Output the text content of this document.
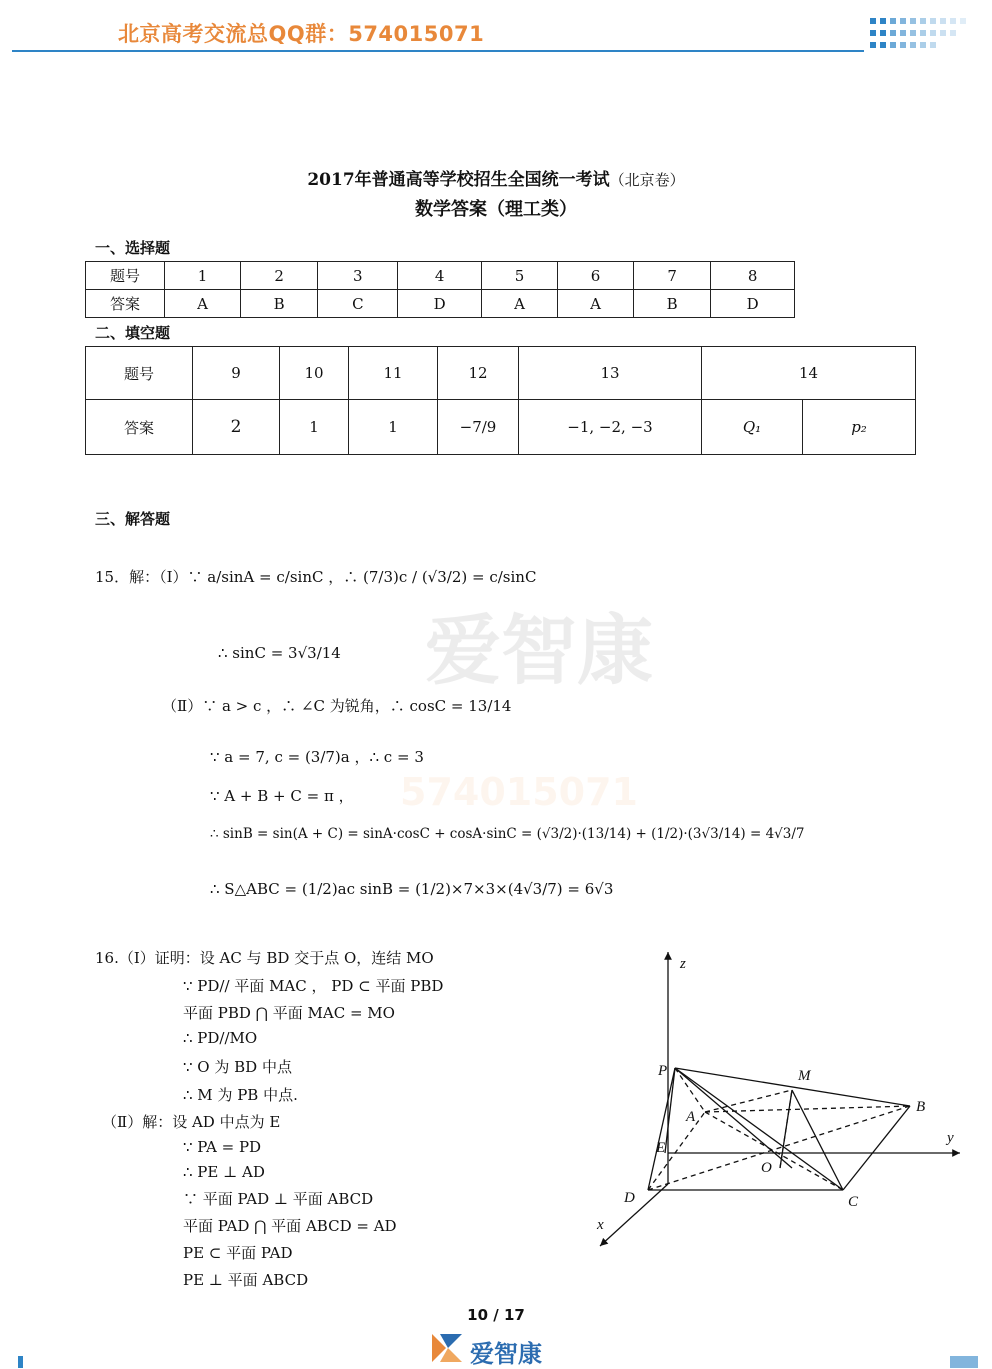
北京高考交流总QQ群：574015071
爱智康
574015071
2017年普通高等学校招生全国统一考试（北京卷）
数学答案（理工类）
一、选择题
题号	1	2	3	4	5	6	7	8
答案	A	B	C	D	A	A	B	D
二、填空题
题号	9	10	11	12	13	14	
答案	2	1	1	−7/9	−1, −2, −3	Q₁	p₂
三、解答题
15．解：（Ⅰ）∵ a/sinA = c/sinC ，∴ (7/3)c / (√3/2) = c/sinC
∴ sinC = 3√3/14
（Ⅱ）∵ a > c ，∴ ∠C 为锐角，∴ cosC = 13/14
∵ a = 7, c = (3/7)a ，∴ c = 3
∵ A + B + C = π ，
∴ sinB = sin(A + C) = sinA·cosC + cosA·sinC = (√3/2)·(13/14) + (1/2)·(3√3/14) = 4√3/7
∴ S△ABC = (1/2)ac sinB = (1/2)×7×3×(4√3/7) = 6√3
16.（Ⅰ）证明：设 AC 与 BD 交于点 O，连结 MO
∵ PD// 平面 MAC ， PD ⊂ 平面 PBD
平面 PBD ⋂ 平面 MAC = MO
∴ PD//MO
∵ O 为 BD 中点
∴ M 为 PB 中点.
（Ⅱ）解：设 AD 中点为 E
∵ PA = PD
∴ PE ⊥ AD
∵ 平面 PAD ⊥ 平面 ABCD
平面 PAD ⋂ 平面 ABCD = AD
PE ⊂ 平面 PAD
PE ⊥ 平面 ABCD
z
y
x
P	M
A
B
E
O
D	C
10 / 17
爱智康
